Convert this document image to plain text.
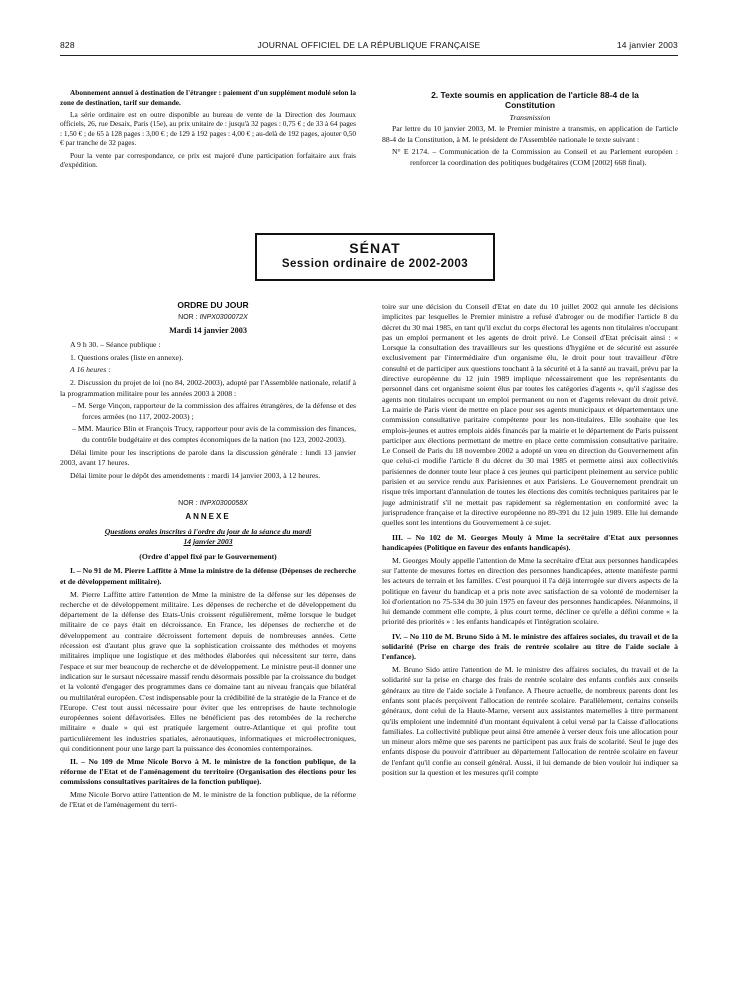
828	JOURNAL OFFICIEL DE LA RÉPUBLIQUE FRANÇAISE	14 janvier 2003

Abonnement annuel à destination de l'étranger : paiement d'un supplément modulé selon la zone de destination, tarif sur demande.

La série ordinaire est en outre disponible au bureau de vente de la Direction des Journaux officiels, 26, rue Desaix, Paris (15e), au prix unitaire de : jusqu'à 32 pages : 0,75 € ; de 33 à 64 pages : 1,50 € ; de 65 à 128 pages : 3,00 € ; de 129 à 192 pages : 4,00 € ; au-delà de 192 pages, ajouter 0,50 € par tranche de 32 pages.

Pour la vente par correspondance, ce prix est majoré d'une participation forfaitaire aux frais d'expédition.

2. Texte soumis en application de l'article 88-4 de la Constitution

Transmission

Par lettre du 10 janvier 2003, M. le Premier ministre a transmis, en application de l'article 88-4 de la Constitution, à M. le président de l'Assemblée nationale le texte suivant :

N° E 2174. – Communication de la Commission au Conseil et au Parlement européen : renforcer la coordination des politiques budgétaires (COM [2002] 668 final).

SÉNAT
Session ordinaire de 2002-2003

ORDRE DU JOUR

NOR : INPX0300072X

Mardi 14 janvier 2003

A 9 h 30. – Séance publique :

1. Questions orales (liste en annexe).

A 16 heures :

2. Discussion du projet de loi (no 84, 2002-2003), adopté par l'Assemblée nationale, relatif à la programmation militaire pour les années 2003 à 2008 :

– M. Serge Vinçon, rapporteur de la commission des affaires étrangères, de la défense et des forces armées (no 117, 2002-2003) ;

– MM. Maurice Blin et François Trucy, rapporteur pour avis de la commission des finances, du contrôle budgétaire et des comptes économiques de la nation (no 123, 2002-2003).

Délai limite pour les inscriptions de parole dans la discussion générale : lundi 13 janvier 2003, avant 17 heures.

Délai limite pour le dépôt des amendements : mardi 14 janvier 2003, à 12 heures.

NOR : INPX0300058X

ANNEXE

Questions orales inscrites à l'ordre du jour de la séance du mardi 14 janvier 2003

(Ordre d'appel fixé par le Gouvernement)

I. – No 91 de M. Pierre Laffitte à Mme la ministre de la défense (Dépenses de recherche et de développement militaire).

M. Pierre Laffitte attire l'attention de Mme la ministre de la défense sur les dépenses de recherche et de développement militaire. Les dépenses de recherche et de développement du département de la défense des Etats-Unis croissent régulièrement, même lorsque le budget militaire de ce pays était en décroissance. En France, les dépenses de recherche et de développement au contraire décroissent fortement depuis de nombreuses années. Cette récession est d'autant plus grave que la sophistication croissante des méthodes et moyens militaires implique une logistique et des méthodes élaborées qui nécessitent sur terre, dans l'espace et sur mer beaucoup de recherche et de développement. Le ministre peut-il donner une indication sur le sursaut nécessaire massif rendu désormais possible par la croissance du budget et la volonté d'engager des programmes dans ce domaine tant au niveau français que bilatéral ou multilatéral européen. C'est indispensable pour la crédibilité de la stratégie de la France et de l'Europe. C'est tout aussi nécessaire pour éviter que les entreprises de haute technologie européennes soient défavorisées. Elles ne bénéficient pas des retombées de la recherche militaire « duale » qui est pratiquée largement outre-Atlantique et qui profite tout particulièrement les industries spatiales, aéronautiques, informatiques et microélectroniques, qui conditionnent pour une large part la puissance des économies contemporaines.

II. – No 109 de Mme Nicole Borvo à M. le ministre de la fonction publique, de la réforme de l'Etat et de l'aménagement du territoire (Organisation des élections pour les commissions consultatives paritaires de la fonction publique).

Mme Nicole Borvo attire l'attention de M. le ministre de la fonction publique, de la réforme de l'Etat et de l'aménagement du terri-

toire sur une décision du Conseil d'Etat en date du 10 juillet 2002 qui annule les décisions implicites par lesquelles le Premier ministre a refusé d'abroger ou de modifier l'article 8 du décret du 30 mai 1985, en tant qu'il exclut du corps électoral les agents non titulaires n'occupant pas un emploi permanent et les agents de droit privé. Le Conseil d'Etat précisait ainsi : « Lorsque la consultation des travailleurs sur les questions d'hygiène et de sécurité est assurée exclusivement par l'intermédiaire d'un organisme élu, le droit pour tout travailleur d'être consulté et de participer aux questions touchant à la sécurité et à la santé au travail, prévu par la directive européenne du 12 juin 1989 implique nécessairement que les représentants du personnel dans cet organisme soient élus par toutes les catégories d'agents », qu'il s'agisse des agents non titulaires occupant un emploi permanent ou non et d'agents relevant du droit privé. La mairie de Paris vient de mettre en place pour ses agents municipaux et départementaux une commission consultative paritaire compétente pour les non-titulaires. Elle souhaite que les emplois-jeunes et autres emplois aidés financés par la mairie et le département de Paris puissent participer aux élections permettant de mettre en place cette commission consultative paritaire. Le Conseil de Paris du 18 novembre 2002 a adopté un vœu en direction du Gouvernement afin que celui-ci modifie l'article 8 du décret du 30 mai 1985 et permette ainsi aux collectivités parisiennes de donner toute leur place à ces jeunes qui participent pleinement au service public parisien et au service rendu aux Parisiennes et aux Parisiens. Le Gouvernement prendrait un risque très important d'annulation de toutes les élections des comités techniques paritaires par le juge administratif s'il ne mettait pas rapidement sa réglementation en conformité avec la jurisprudence française et la directive européenne no 89-391 du 12 juin 1989. Elle lui demande quelles sont les intentions du Gouvernement à ce sujet.

III. – No 102 de M. Georges Mouly à Mme la secrétaire d'Etat aux personnes handicapées (Politique en faveur des enfants handicapés).

M. Georges Mouly appelle l'attention de Mme la secrétaire d'Etat aux personnes handicapées sur l'attente de mesures fortes en direction des personnes handicapées, attente manifeste parmi les acteurs de terrain et les familles. C'est pourquoi il l'a déjà interrogée sur divers aspects de la politique en faveur du handicap et a pris note avec satisfaction de sa volonté de moderniser la loi d'orientation no 75-534 du 30 juin 1975 en faveur des personnes handicapées. Néanmoins, il lui demande comment elle compte, à plus court terme, décliner ce qu'elle a défini comme « la priorité des priorités » : les enfants handicapés et l'intégration scolaire.

IV. – No 110 de M. Bruno Sido à M. le ministre des affaires sociales, du travail et de la solidarité (Prise en charge des frais de rentrée scolaire au titre de l'aide sociale à l'enfance).

M. Bruno Sido attire l'attention de M. le ministre des affaires sociales, du travail et de la solidarité sur la prise en charge des frais de rentrée scolaire des enfants confiés aux conseils généraux au titre de l'aide sociale à l'enfance. A l'heure actuelle, de nombreux parents dont les enfants sont placés perçoivent l'allocation de rentrée scolaire. Parallèlement, certains conseils généraux, dont celui de la Haute-Marne, versent aux assistantes maternelles à titre permanent qu'ils emploient une indemnité d'un montant équivalent à celui versé par la Caisse d'allocations familiales. La collectivité publique peut ainsi être amenée à verser deux fois une allocation pour un mineur alors même que ses parents ne participent pas aux frais de scolarité. Seul le juge des enfants dispose du pouvoir d'attribuer au département l'allocation de rentrée scolaire en faveur de l'enfant qu'il confie au conseil général. Aussi, il lui demande de bien vouloir lui indiquer sa position sur la question et les mesures qu'il compte
